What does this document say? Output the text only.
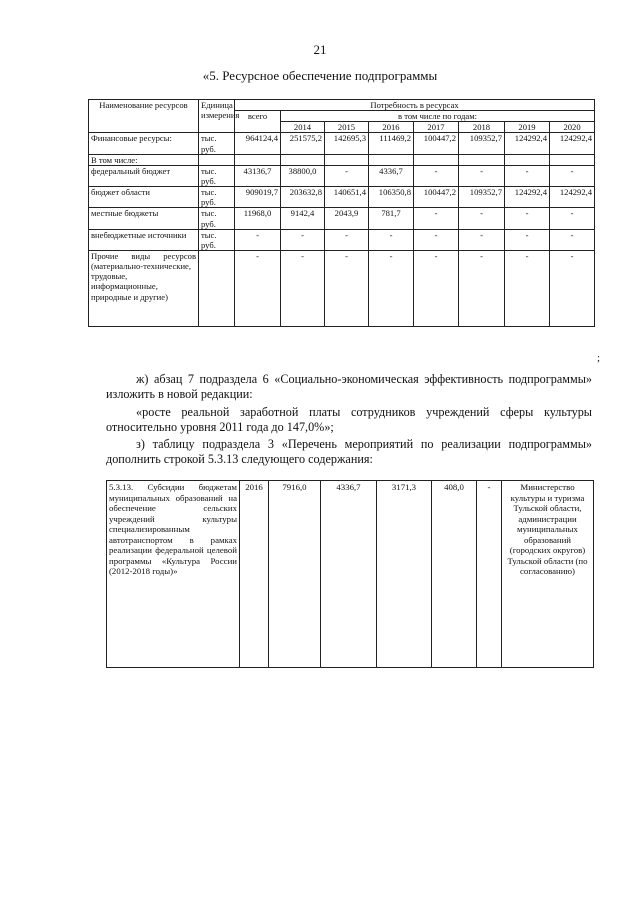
21
«5. Ресурсное обеспечение подпрограммы
Наименование ресурсов	Единица измерения	Потребность в ресурсах							
		всего	в том числе по годам:						
			2014	2015	2016	2017	2018	2019	2020
Финансовые ресурсы:	тыс. руб.	964124,4	251575,2	142695,3	111469,2	100447,2	109352,7	124292,4	124292,4
В том числе:									
федеральный бюджет	тыс. руб.	43136,7	38800,0	-	4336,7	-	-	-	-
бюджет области	тыс. руб.	909019,7	203632,8	140651,4	106350,8	100447,2	109352,7	124292,4	124292,4
местные бюджеты	тыс. руб.	11968,0	9142,4	2043,9	781,7	-	-	-	-
внебюджетные источники	тыс. руб.	-	-	-	-	-	-	-	-
Прочие виды ресурсов (материально-технические, трудовые, информационные, природные и другие)		-	-	-	-	-	-	-	-
;
ж) абзац 7 подраздела 6 «Социально-экономическая эффективность подпрограммы» изложить в новой редакции:
«росте реальной заработной платы сотрудников учреждений сферы культуры относительно уровня 2011 года до 147,0%»;
з) таблицу подраздела 3 «Перечень мероприятий по реализации подпрограммы» дополнить строкой 5.3.13 следующего содержания:
5.3.13. Субсидии бюджетам муниципальных образований на обеспечение сельских учреждений культуры специализированным автотранспортом в рамках реализации федеральной целевой программы «Культура России (2012-2018 годы)»	2016	7916,0	4336,7	3171,3	408,0	-	Министерство культуры и туризма Тульской области, администрации муниципальных образований (городских округов) Тульской области (по согласованию)
